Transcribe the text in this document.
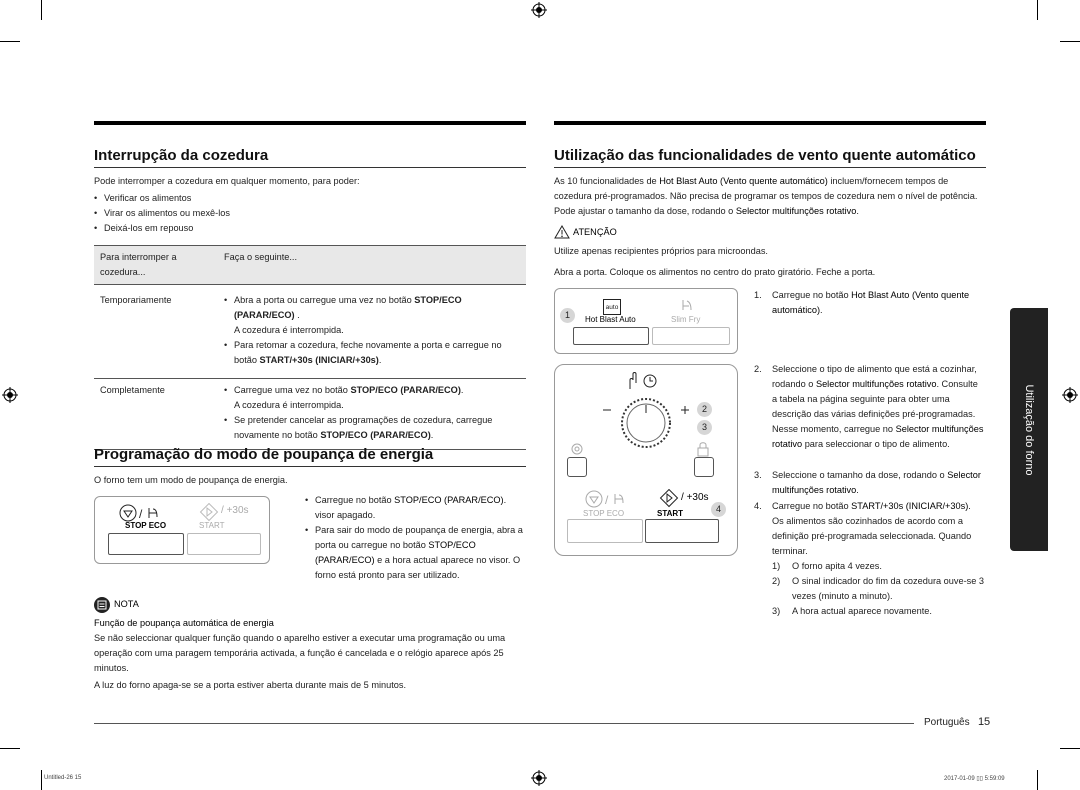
Interrupção da cozedura
Pode interromper a cozedura em qualquer momento, para poder:
• Verificar os alimentos
• Virar os alimentos ou mexê-los
• Deixá-los em repouso
Para interromper a cozedura...	Faça o seguinte...
Temporariamente	• Abra a porta ou carregue uma vez no botão STOP/ECO (PARAR/ECO) .
A cozedura é interrompida.
• Para retomar a cozedura, feche novamente a porta e carregue no botão START/+30s (INICIAR/+30s).

Completamente	• Carregue uma vez no botão STOP/ECO (PARAR/ECO).
A cozedura é interrompida.
• Se pretender cancelar as programações de cozedura, carregue novamente no botão STOP/ECO (PARAR/ECO).
Programação do modo de poupança de energia
O forno tem um modo de poupança de energia.
/
STOP ECO
/ +30s
START
• Carregue no botão STOP/ECO (PARAR/ECO).
visor apagado.
• Para sair do modo de poupança de energia, abra a porta ou carregue no botão STOP/ECO (PARAR/ECO) e a hora actual aparece no visor. O forno está pronto para ser utilizado.
NOTA
Função de poupança automática de energia
Se não seleccionar qualquer função quando o aparelho estiver a executar uma programação ou uma operação com uma paragem temporária activada, a função é cancelada e o relógio aparece após 25 minutos.
A luz do forno apaga-se se a porta estiver aberta durante mais de 5 minutos.
Utilização das funcionalidades de vento quente automático
As 10 funcionalidades de Hot Blast Auto (Vento quente automático) incluem/fornecem tempos de cozedura pré-programados. Não precisa de programar os tempos de cozedura nem o nível de potência. Pode ajustar o tamanho da dose, rodando o Selector multifunções rotativo.
ATENÇÃO
Utilize apenas recipientes próprios para microondas.
Abra a porta. Coloque os alimentos no centro do prato giratório. Feche a porta.
1
auto
Hot Blast Auto	Slim Fry
2
3
/
STOP ECO
/ +30s
START	4
1. Carregue no botão Hot Blast Auto (Vento quente automático).
2. Seleccione o tipo de alimento que está a cozinhar, rodando o Selector multifunções rotativo. Consulte a tabela na página seguinte para obter uma descrição das várias definições pré-programadas. Nesse momento, carregue no Selector multifunções rotativo para seleccionar o tipo de alimento.
3. Seleccione o tamanho da dose, rodando o Selector multifunções rotativo.
4. Carregue no botão START/+30s (INICIAR/+30s). Os alimentos são cozinhados de acordo com a definição pré-programada seleccionada. Quando terminar.
1) O forno apita 4 vezes.
2) O sinal indicador do fim da cozedura ouve-se 3 vezes (minuto a minuto).
3) A hora actual aparece novamente.
Utilização do forno
Português 15
Untitled-26 15	2017-01-09 ▯▯ 5:59:09
